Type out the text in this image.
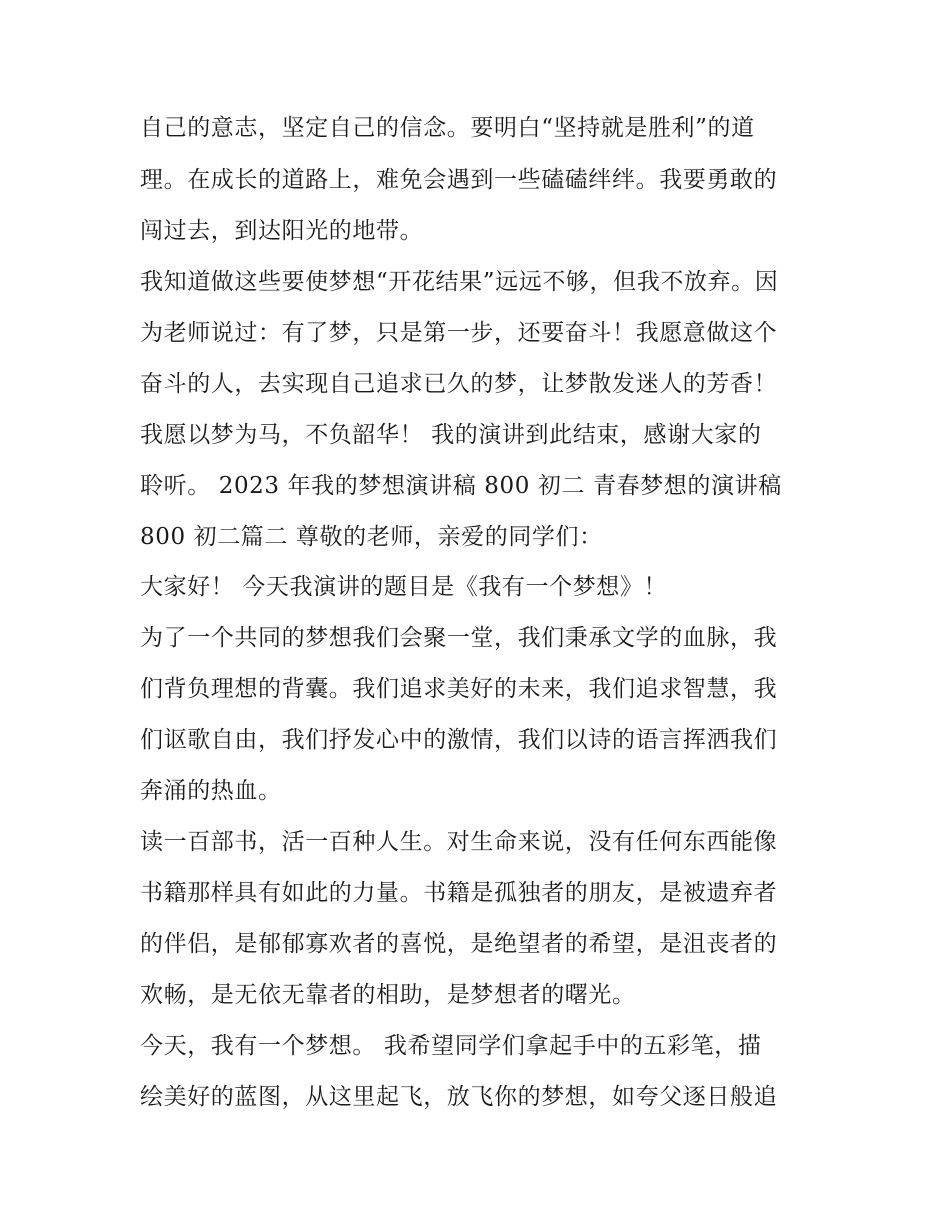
自己的意志，坚定自己的信念。要明白“坚持就是胜利”的道
理。在成长的道路上，难免会遇到一些磕磕绊绊。我要勇敢的
闯过去，到达阳光的地带。
我知道做这些要使梦想“开花结果”远远不够，但我不放弃。因
为老师说过：有了梦，只是第一步，还要奋斗！我愿意做这个
奋斗的人，去实现自己追求已久的梦，让梦散发迷人的芳香！
我愿以梦为马，不负韶华！ 我的演讲到此结束，感谢大家的
聆听。 2023 年我的梦想演讲稿 800 初二 青春梦想的演讲稿
800 初二篇二 尊敬的老师，亲爱的同学们：
大家好！ 今天我演讲的题目是《我有一个梦想》！
为了一个共同的梦想我们会聚一堂，我们秉承文学的血脉，我
们背负理想的背囊。我们追求美好的未来，我们追求智慧，我
们讴歌自由，我们抒发心中的激情，我们以诗的语言挥洒我们
奔涌的热血。
读一百部书，活一百种人生。对生命来说，没有任何东西能像
书籍那样具有如此的力量。书籍是孤独者的朋友，是被遗弃者
的伴侣，是郁郁寡欢者的喜悦，是绝望者的希望，是沮丧者的
欢畅，是无依无靠者的相助，是梦想者的曙光。
今天，我有一个梦想。 我希望同学们拿起手中的五彩笔，描
绘美好的蓝图，从这里起飞，放飞你的梦想，如夸父逐日般追
